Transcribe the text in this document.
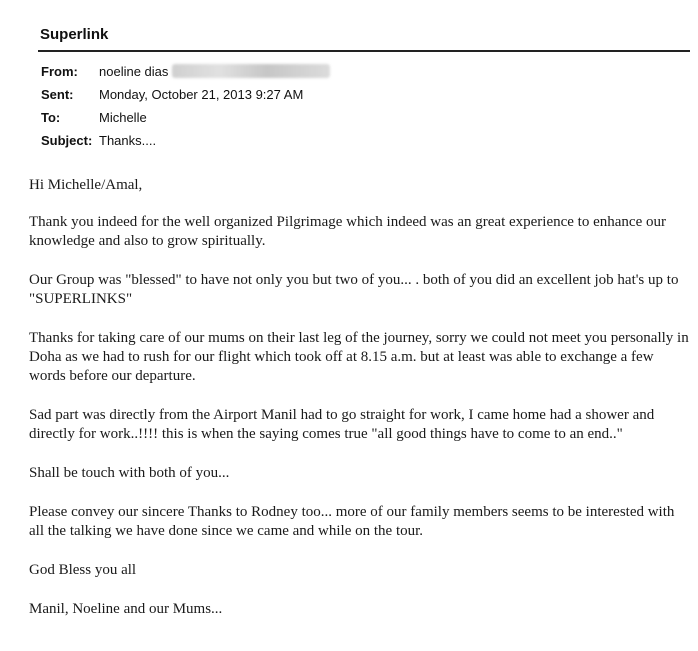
Superlink
From: noeline dias
Sent: Monday, October 21, 2013 9:27 AM
To:	Michelle
Subject: Thanks....

Hi Michelle/Amal,

Thank you indeed for the well organized Pilgrimage which indeed was an great experience to enhance our knowledge and also to grow spiritually.

Our Group was "blessed" to have not only you but two of you... . both of you did an excellent job hat's up to "SUPERLINKS"

Thanks for taking care of our mums on their last leg of the journey, sorry we could not meet you personally in Doha as we had to rush for our flight which took off at 8.15 a.m. but at least was able to exchange a few words before our departure.

Sad part was directly from the Airport Manil had to go straight for work, I came home had a shower and directly for work..!!!! this is when the saying comes true "all good things have to come to an end.."

Shall be touch with both of you...

Please convey our sincere Thanks to Rodney too... more of our family members seems to be interested with all the talking we have done since we came and while on the tour.

God Bless you all

Manil, Noeline and our Mums...
